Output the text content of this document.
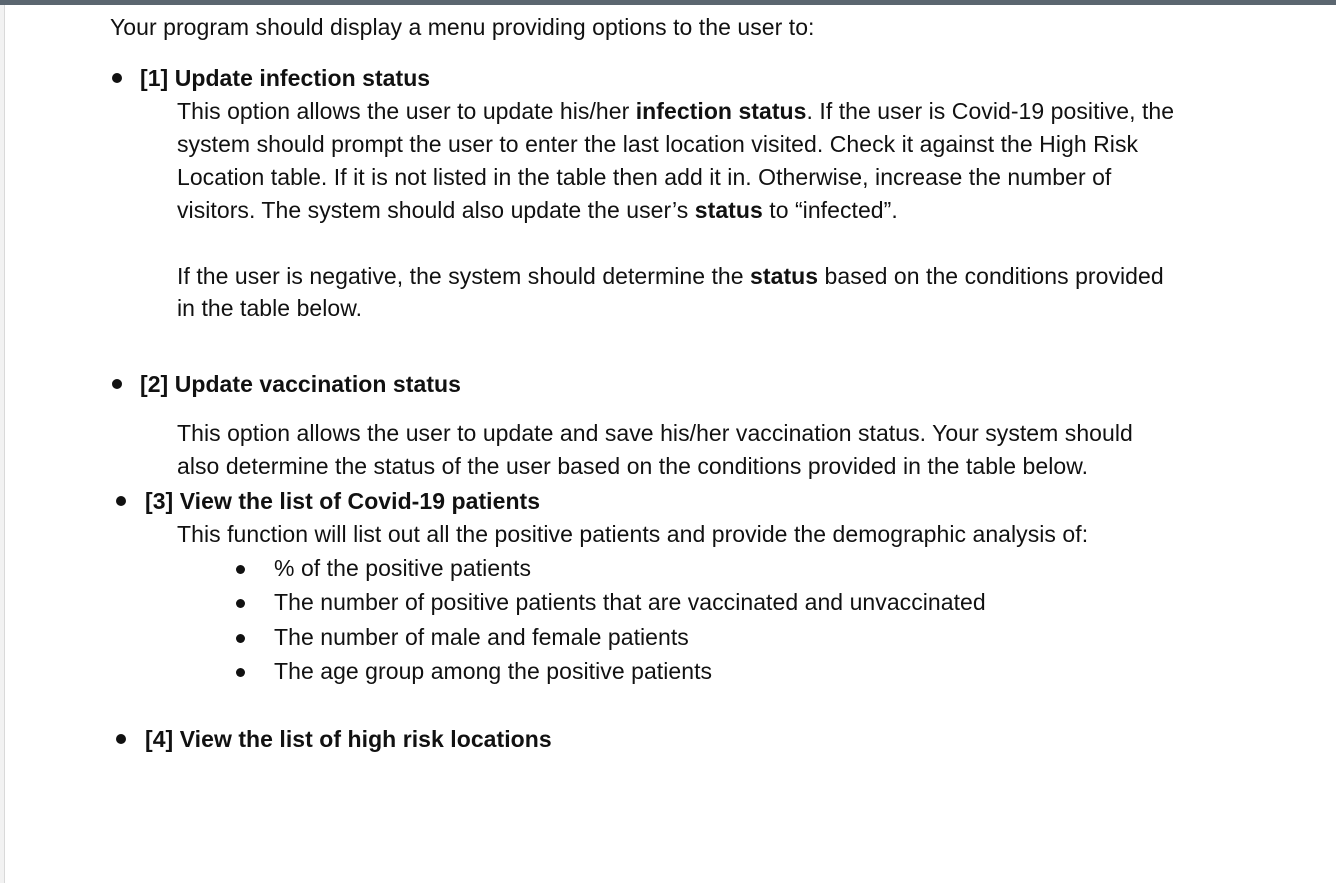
Your program should display a menu providing options to the user to:
[1] Update infection status
This option allows the user to update his/her infection status. If the user is Covid-19 positive, the
system should prompt the user to enter the last location visited. Check it against the High Risk
Location table. If it is not listed in the table then add it in. Otherwise, increase the number of
visitors. The system should also update the user’s status to “infected”.
If the user is negative, the system should determine the status based on the conditions provided
in the table below.
[2] Update vaccination status
This option allows the user to update and save his/her vaccination status. Your system should
also determine the status of the user based on the conditions provided in the table below.
[3] View the list of Covid-19 patients
This function will list out all the positive patients and provide the demographic analysis of:
% of the positive patients
The number of positive patients that are vaccinated and unvaccinated
The number of male and female patients
The age group among the positive patients
[4] View the list of high risk locations
